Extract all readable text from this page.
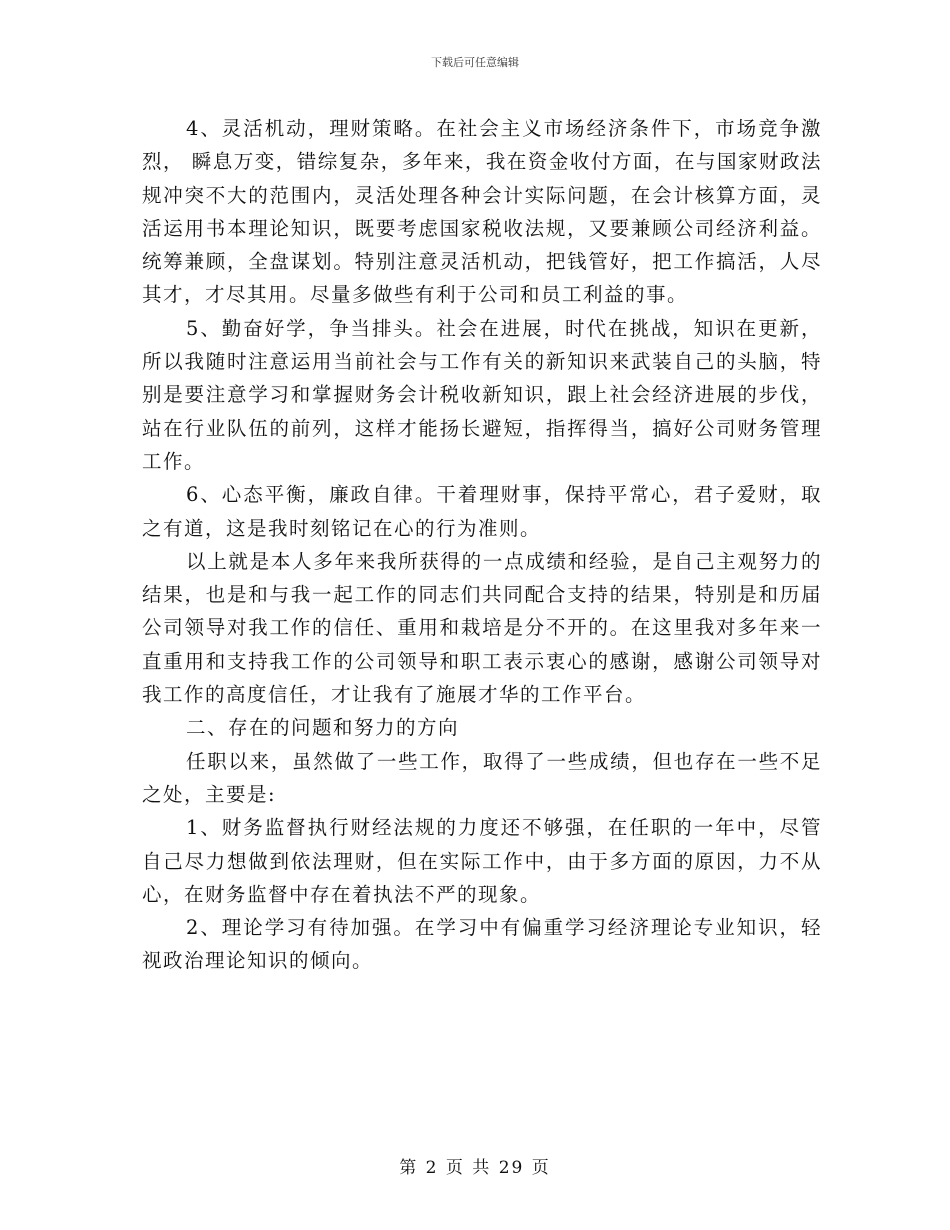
下载后可任意编辑

4、灵活机动，理财策略。在社会主义市场经济条件下，市场竞争激烈， 瞬息万变，错综复杂，多年来，我在资金收付方面，在与国家财政法规冲突不大的范围内，灵活处理各种会计实际问题，在会计核算方面，灵活运用书本理论知识，既要考虑国家税收法规，又要兼顾公司经济利益。统筹兼顾，全盘谋划。特别注意灵活机动，把钱管好，把工作搞活，人尽其才，才尽其用。尽量多做些有利于公司和员工利益的事。

5、勤奋好学，争当排头。社会在进展，时代在挑战，知识在更新，所以我随时注意运用当前社会与工作有关的新知识来武装自己的头脑，特别是要注意学习和掌握财务会计税收新知识，跟上社会经济进展的步伐，站在行业队伍的前列，这样才能扬长避短，指挥得当，搞好公司财务管理工作。

6、心态平衡，廉政自律。干着理财事，保持平常心，君子爱财，取之有道，这是我时刻铭记在心的行为准则。

以上就是本人多年来我所获得的一点成绩和经验，是自己主观努力的结果，也是和与我一起工作的同志们共同配合支持的结果，特别是和历届公司领导对我工作的信任、重用和栽培是分不开的。在这里我对多年来一直重用和支持我工作的公司领导和职工表示衷心的感谢，感谢公司领导对我工作的高度信任，才让我有了施展才华的工作平台。

二、存在的问题和努力的方向

任职以来，虽然做了一些工作，取得了一些成绩，但也存在一些不足之处，主要是:

1、财务监督执行财经法规的力度还不够强，在任职的一年中，尽管自己尽力想做到依法理财，但在实际工作中，由于多方面的原因，力不从心，在财务监督中存在着执法不严的现象。

2、理论学习有待加强。在学习中有偏重学习经济理论专业知识，轻视政治理论知识的倾向。

第 2 页 共 29 页
